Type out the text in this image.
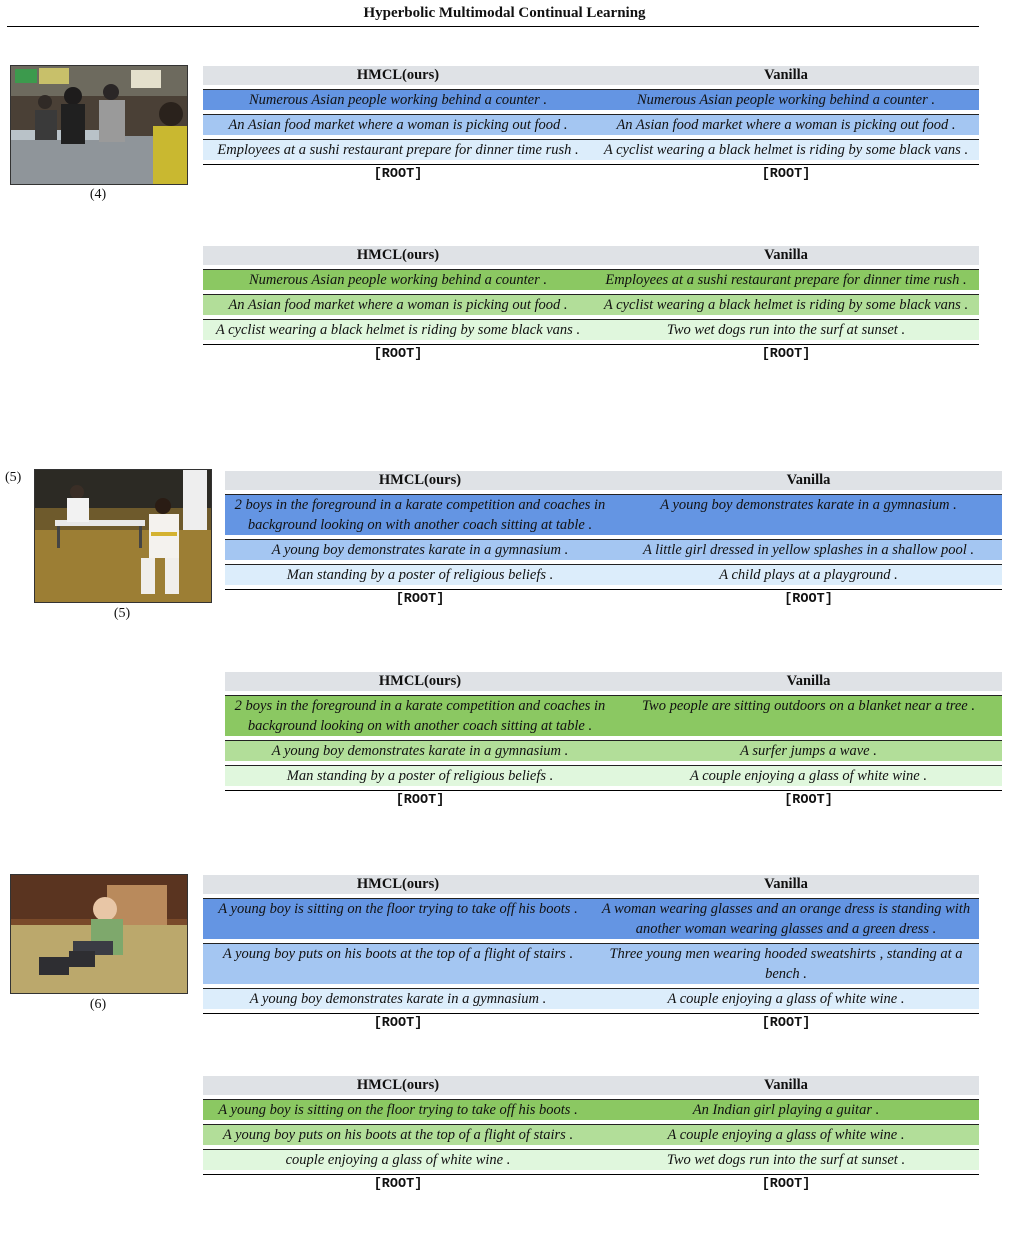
Hyperbolic Multimodal Continual Learning
(4)
HMCL(ours)	Vanilla

Numerous Asian people working behind a counter .	Numerous Asian people working behind a counter .

An Asian food market where a woman is picking out food .	An Asian food market where a woman is picking out food .

Employees at a sushi restaurant prepare for dinner time rush .	A cyclist wearing a black helmet is riding by some black vans .

[ROOT]	[ROOT]
HMCL(ours)	Vanilla

Numerous Asian people working behind a counter .	Employees at a sushi restaurant prepare for dinner time rush .

An Asian food market where a woman is picking out food .	A cyclist wearing a black helmet is riding by some black vans .

A cyclist wearing a black helmet is riding by some black vans .	Two wet dogs run into the surf at sunset .

[ROOT]	[ROOT]
(5)
(5)
HMCL(ours)	Vanilla

2 boys in the foreground in a karate competition and coaches in background looking on with another coach sitting at table .	A young boy demonstrates karate in a gymnasium .

A young boy demonstrates karate in a gymnasium .	A little girl dressed in yellow splashes in a shallow pool .

Man standing by a poster of religious beliefs .	A child plays at a playground .

[ROOT]	[ROOT]
HMCL(ours)	Vanilla

2 boys in the foreground in a karate competition and coaches in background looking on with another coach sitting at table .	Two people are sitting outdoors on a blanket near a tree .

A young boy demonstrates karate in a gymnasium .	A surfer jumps a wave .

Man standing by a poster of religious beliefs .	A couple enjoying a glass of white wine .

[ROOT]	[ROOT]
(6)
HMCL(ours)	Vanilla

A young boy is sitting on the floor trying to take off his boots .	A woman wearing glasses and an orange dress is standing with another woman wearing glasses and a green dress .

A young boy puts on his boots at the top of a flight of stairs .	Three young men wearing hooded sweatshirts , standing at a bench .

A young boy demonstrates karate in a gymnasium .	A couple enjoying a glass of white wine .

[ROOT]	[ROOT]
HMCL(ours)	Vanilla

A young boy is sitting on the floor trying to take off his boots .	An Indian girl playing a guitar .

A young boy puts on his boots at the top of a flight of stairs .	A couple enjoying a glass of white wine .

couple enjoying a glass of white wine .	Two wet dogs run into the surf at sunset .

[ROOT]	[ROOT]
